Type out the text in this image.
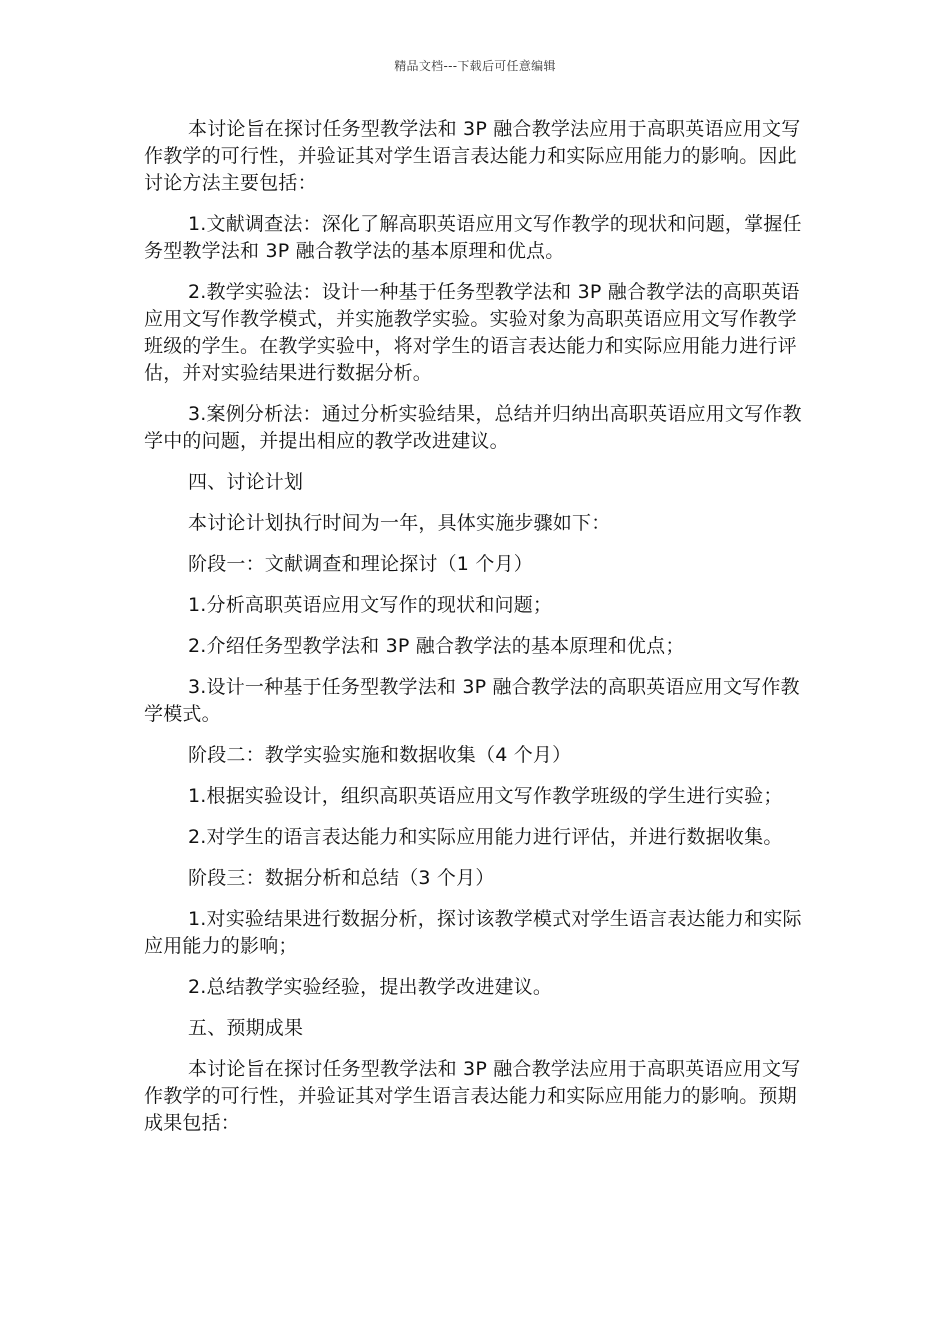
精品文档---下载后可任意编辑

本讨论旨在探讨任务型教学法和 3P 融合教学法应用于高职英语应用文写作教学的可行性，并验证其对学生语言表达能力和实际应用能力的影响。因此讨论方法主要包括：

1.文献调查法：深化了解高职英语应用文写作教学的现状和问题，掌握任务型教学法和 3P 融合教学法的基本原理和优点。

2.教学实验法：设计一种基于任务型教学法和 3P 融合教学法的高职英语应用文写作教学模式，并实施教学实验。实验对象为高职英语应用文写作教学班级的学生。在教学实验中，将对学生的语言表达能力和实际应用能力进行评估，并对实验结果进行数据分析。

3.案例分析法：通过分析实验结果，总结并归纳出高职英语应用文写作教学中的问题，并提出相应的教学改进建议。

四、讨论计划

本讨论计划执行时间为一年，具体实施步骤如下：

阶段一：文献调查和理论探讨（1 个月）

1.分析高职英语应用文写作的现状和问题；

2.介绍任务型教学法和 3P 融合教学法的基本原理和优点；

3.设计一种基于任务型教学法和 3P 融合教学法的高职英语应用文写作教学模式。

阶段二：教学实验实施和数据收集（4 个月）

1.根据实验设计，组织高职英语应用文写作教学班级的学生进行实验；

2.对学生的语言表达能力和实际应用能力进行评估，并进行数据收集。

阶段三：数据分析和总结（3 个月）

1.对实验结果进行数据分析，探讨该教学模式对学生语言表达能力和实际应用能力的影响；

2.总结教学实验经验，提出教学改进建议。

五、预期成果

本讨论旨在探讨任务型教学法和 3P 融合教学法应用于高职英语应用文写作教学的可行性，并验证其对学生语言表达能力和实际应用能力的影响。预期成果包括：
